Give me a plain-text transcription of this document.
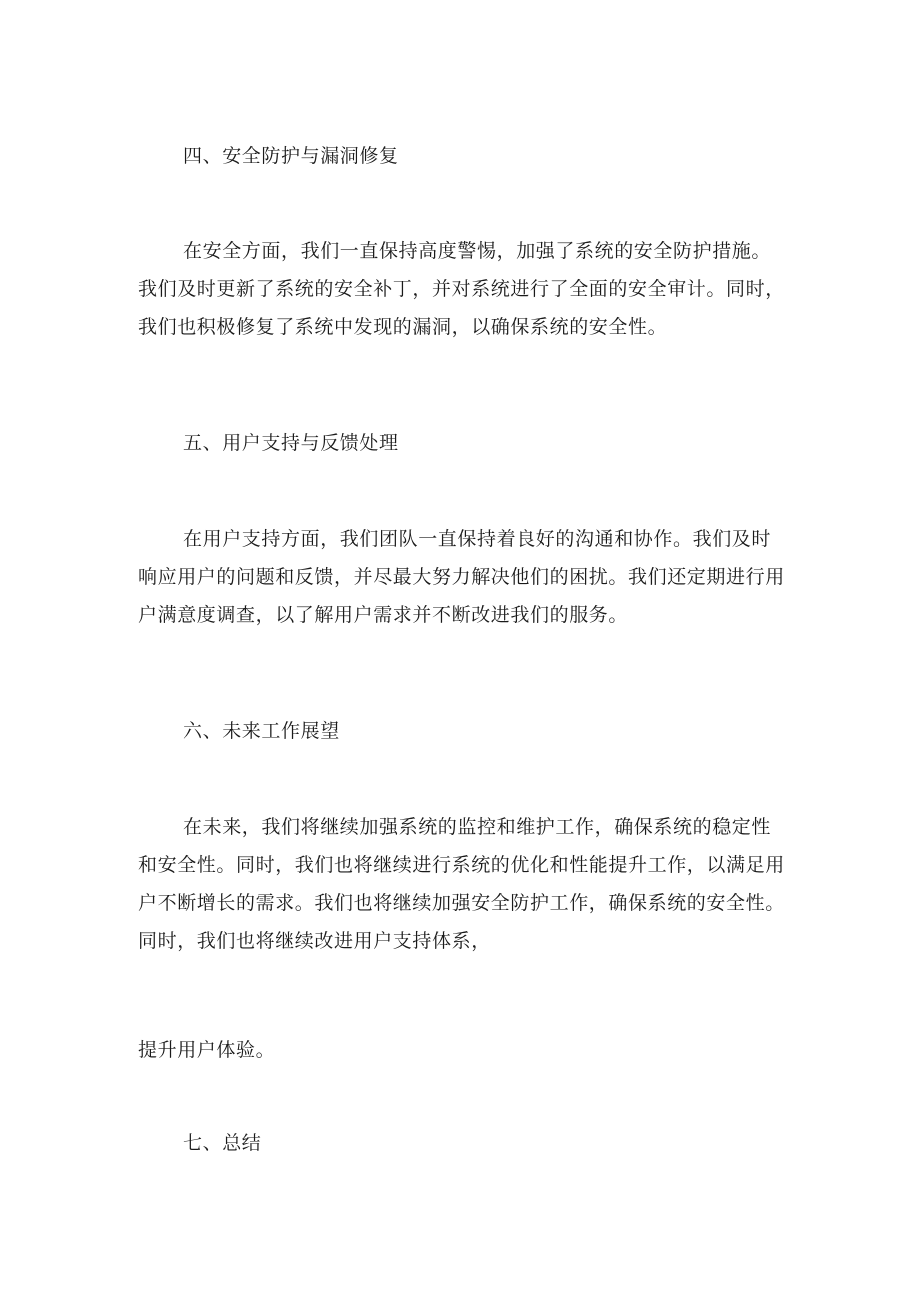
四、安全防护与漏洞修复
在安全方面，我们一直保持高度警惕，加强了系统的安全防护措施。
我们及时更新了系统的安全补丁，并对系统进行了全面的安全审计。同时，
我们也积极修复了系统中发现的漏洞，以确保系统的安全性。
五、用户支持与反馈处理
在用户支持方面，我们团队一直保持着良好的沟通和协作。我们及时
响应用户的问题和反馈，并尽最大努力解决他们的困扰。我们还定期进行用
户满意度调查，以了解用户需求并不断改进我们的服务。
六、未来工作展望
在未来，我们将继续加强系统的监控和维护工作，确保系统的稳定性
和安全性。同时，我们也将继续进行系统的优化和性能提升工作，以满足用
户不断增长的需求。我们也将继续加强安全防护工作，确保系统的安全性。
同时，我们也将继续改进用户支持体系，
提升用户体验。
七、总结
